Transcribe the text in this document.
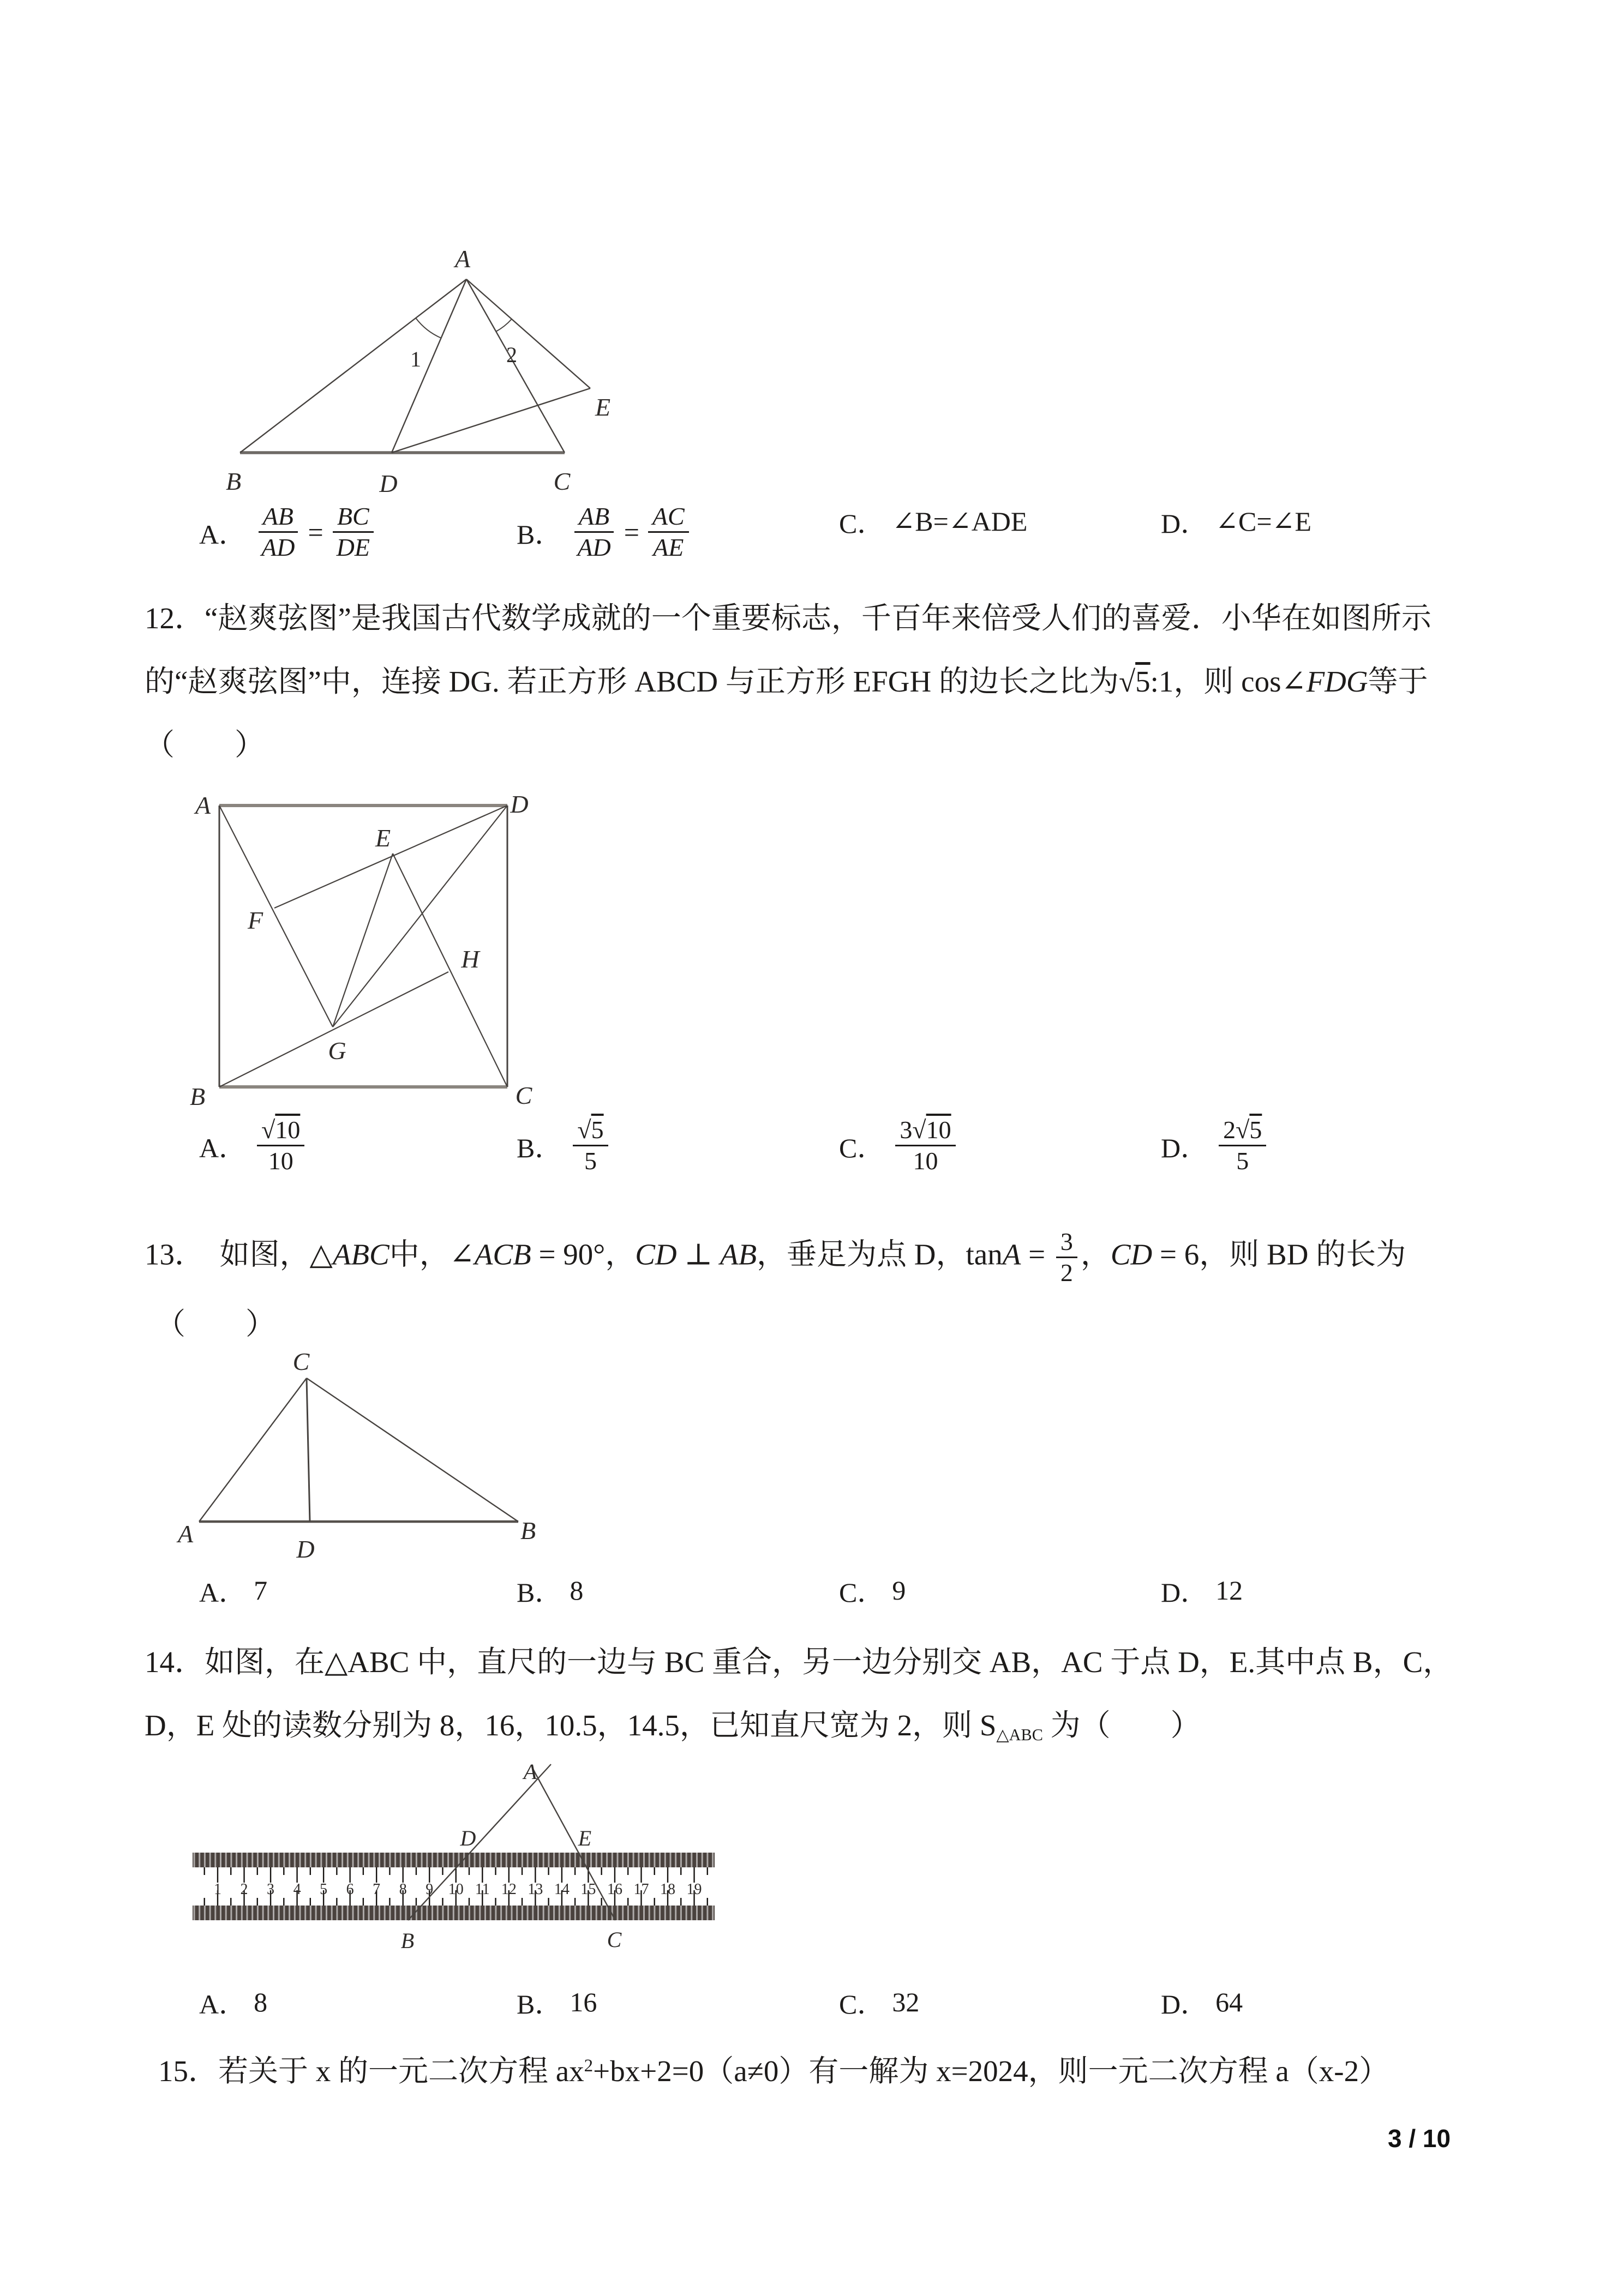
A
B	D	C
E
1	2
A． $\frac{AB}{AD} = \frac{BC}{DE}$	B． $\frac{AB}{AD} = \frac{AC}{AE}$	C． ∠B=∠ADE	D． ∠C=∠E
12．“赵爽弦图”是我国古代数学成就的一个重要标志，千百年来倍受人们的喜爱．小华在如图所示
的“赵爽弦图”中，连接 DG. 若正方形 ABCD 与正方形 EFGH 的边长之比为√5:1，则 cos∠FDG等于
（　　）
A	D
B	C
E
F
G
H
A． $\frac{√10}{10}$	B． $\frac{√5}{5}$	C． $\frac{3√10}{10}$	D． $\frac{2√5}{5}$
13．　如图，△ABC中，∠ACB = 90°，CD ⊥ AB，垂足为点 D，$\tan A = \frac{3}{2}$ ，CD = 6，则 BD 的长为
（　　）
C
A	B
D
A． 7	B． 8	C． 9	D． 12
14．如图，在△ABC 中，直尺的一边与 BC 重合，另一边分别交 AB，AC 于点 D，E.其中点 B，C，
D，E 处的读数分别为 8，16，10.5，14.5，已知直尺宽为 2，则 S△ABC 为（　　）
1 2 3 4 5 6 7 8 9 10 11 12 13 14 15 16 17 18 19
A
D	E
B	C
A． 8	B． 16	C． 32	D． 64
15．若关于 x 的一元二次方程 $ax^2+bx+2=0(a\ne 0)$有一解为 x=2024，则一元二次方程 a（x-2）
3 / 10
